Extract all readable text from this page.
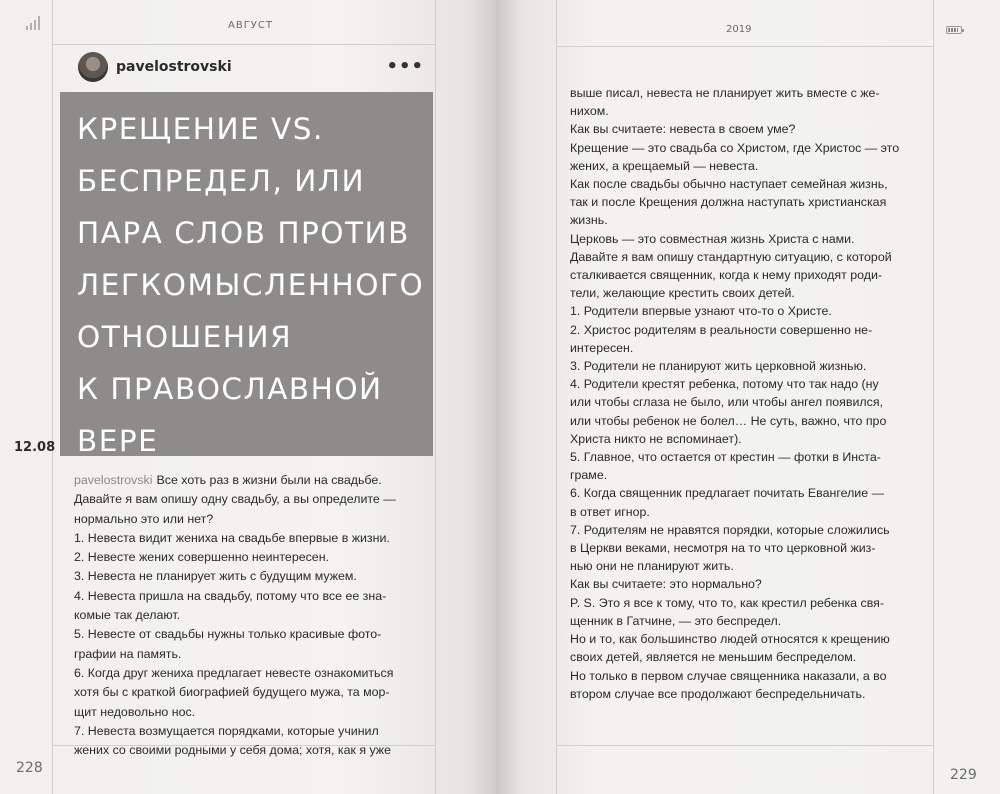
АВГУСТ
pavelostrovski	•••
КРЕЩЕНИЕ VS.
БЕСПРЕДЕЛ, ИЛИ
ПАРА СЛОВ ПРОТИВ
ЛЕГКОМЫСЛЕННОГО
ОТНОШЕНИЯ
К ПРАВОСЛАВНОЙ
ВЕРЕ
12.08
pavelostrovski Все хоть раз в жизни были на свадьбе.
Давайте я вам опишу одну свадьбу, а вы определите —
нормально это или нет?
1. Невеста видит жениха на свадьбе впервые в жизни.
2. Невесте жених совершенно неинтересен.
3. Невеста не планирует жить с будущим мужем.
4. Невеста пришла на свадьбу, потому что все ее зна-
комые так делают.
5. Невесте от свадьбы нужны только красивые фото-
графии на память.
6. Когда друг жениха предлагает невесте ознакомиться
хотя бы с краткой биографией будущего мужа, та мор-
щит недовольно нос.
7. Невеста возмущается порядками, которые учинил
жених со своими родными у себя дома; хотя, как я уже
228
2019
выше писал, невеста не планирует жить вместе с же-
нихом.
Как вы считаете: невеста в своем уме?
Крещение — это свадьба со Христом, где Христос — это
жених, а крещаемый — невеста.
Как после свадьбы обычно наступает семейная жизнь,
так и после Крещения должна наступать христианская
жизнь.
Церковь — это совместная жизнь Христа с нами.
Давайте я вам опишу стандартную ситуацию, с которой
сталкивается священник, когда к нему приходят роди-
тели, желающие крестить своих детей.
1. Родители впервые узнают что-то о Христе.
2. Христос родителям в реальности совершенно не-
интересен.
3. Родители не планируют жить церковной жизнью.
4. Родители крестят ребенка, потому что так надо (ну
или чтобы сглаза не было, или чтобы ангел появился,
или чтобы ребенок не болел… Не суть, важно, что про
Христа никто не вспоминает).
5. Главное, что остается от крестин — фотки в Инста-
граме.
6. Когда священник предлагает почитать Евангелие —
в ответ игнор.
7. Родителям не нравятся порядки, которые сложились
в Церкви веками, несмотря на то что церковной жиз-
нью они не планируют жить.
Как вы считаете: это нормально?
P. S. Это я все к тому, что то, как крестил ребенка свя-
щенник в Гатчине, — это беспредел.
Но и то, как большинство людей относятся к крещению
своих детей, является не меньшим беспределом.
Но только в первом случае священника наказали, а во
втором случае все продолжают беспредельничать.
229
